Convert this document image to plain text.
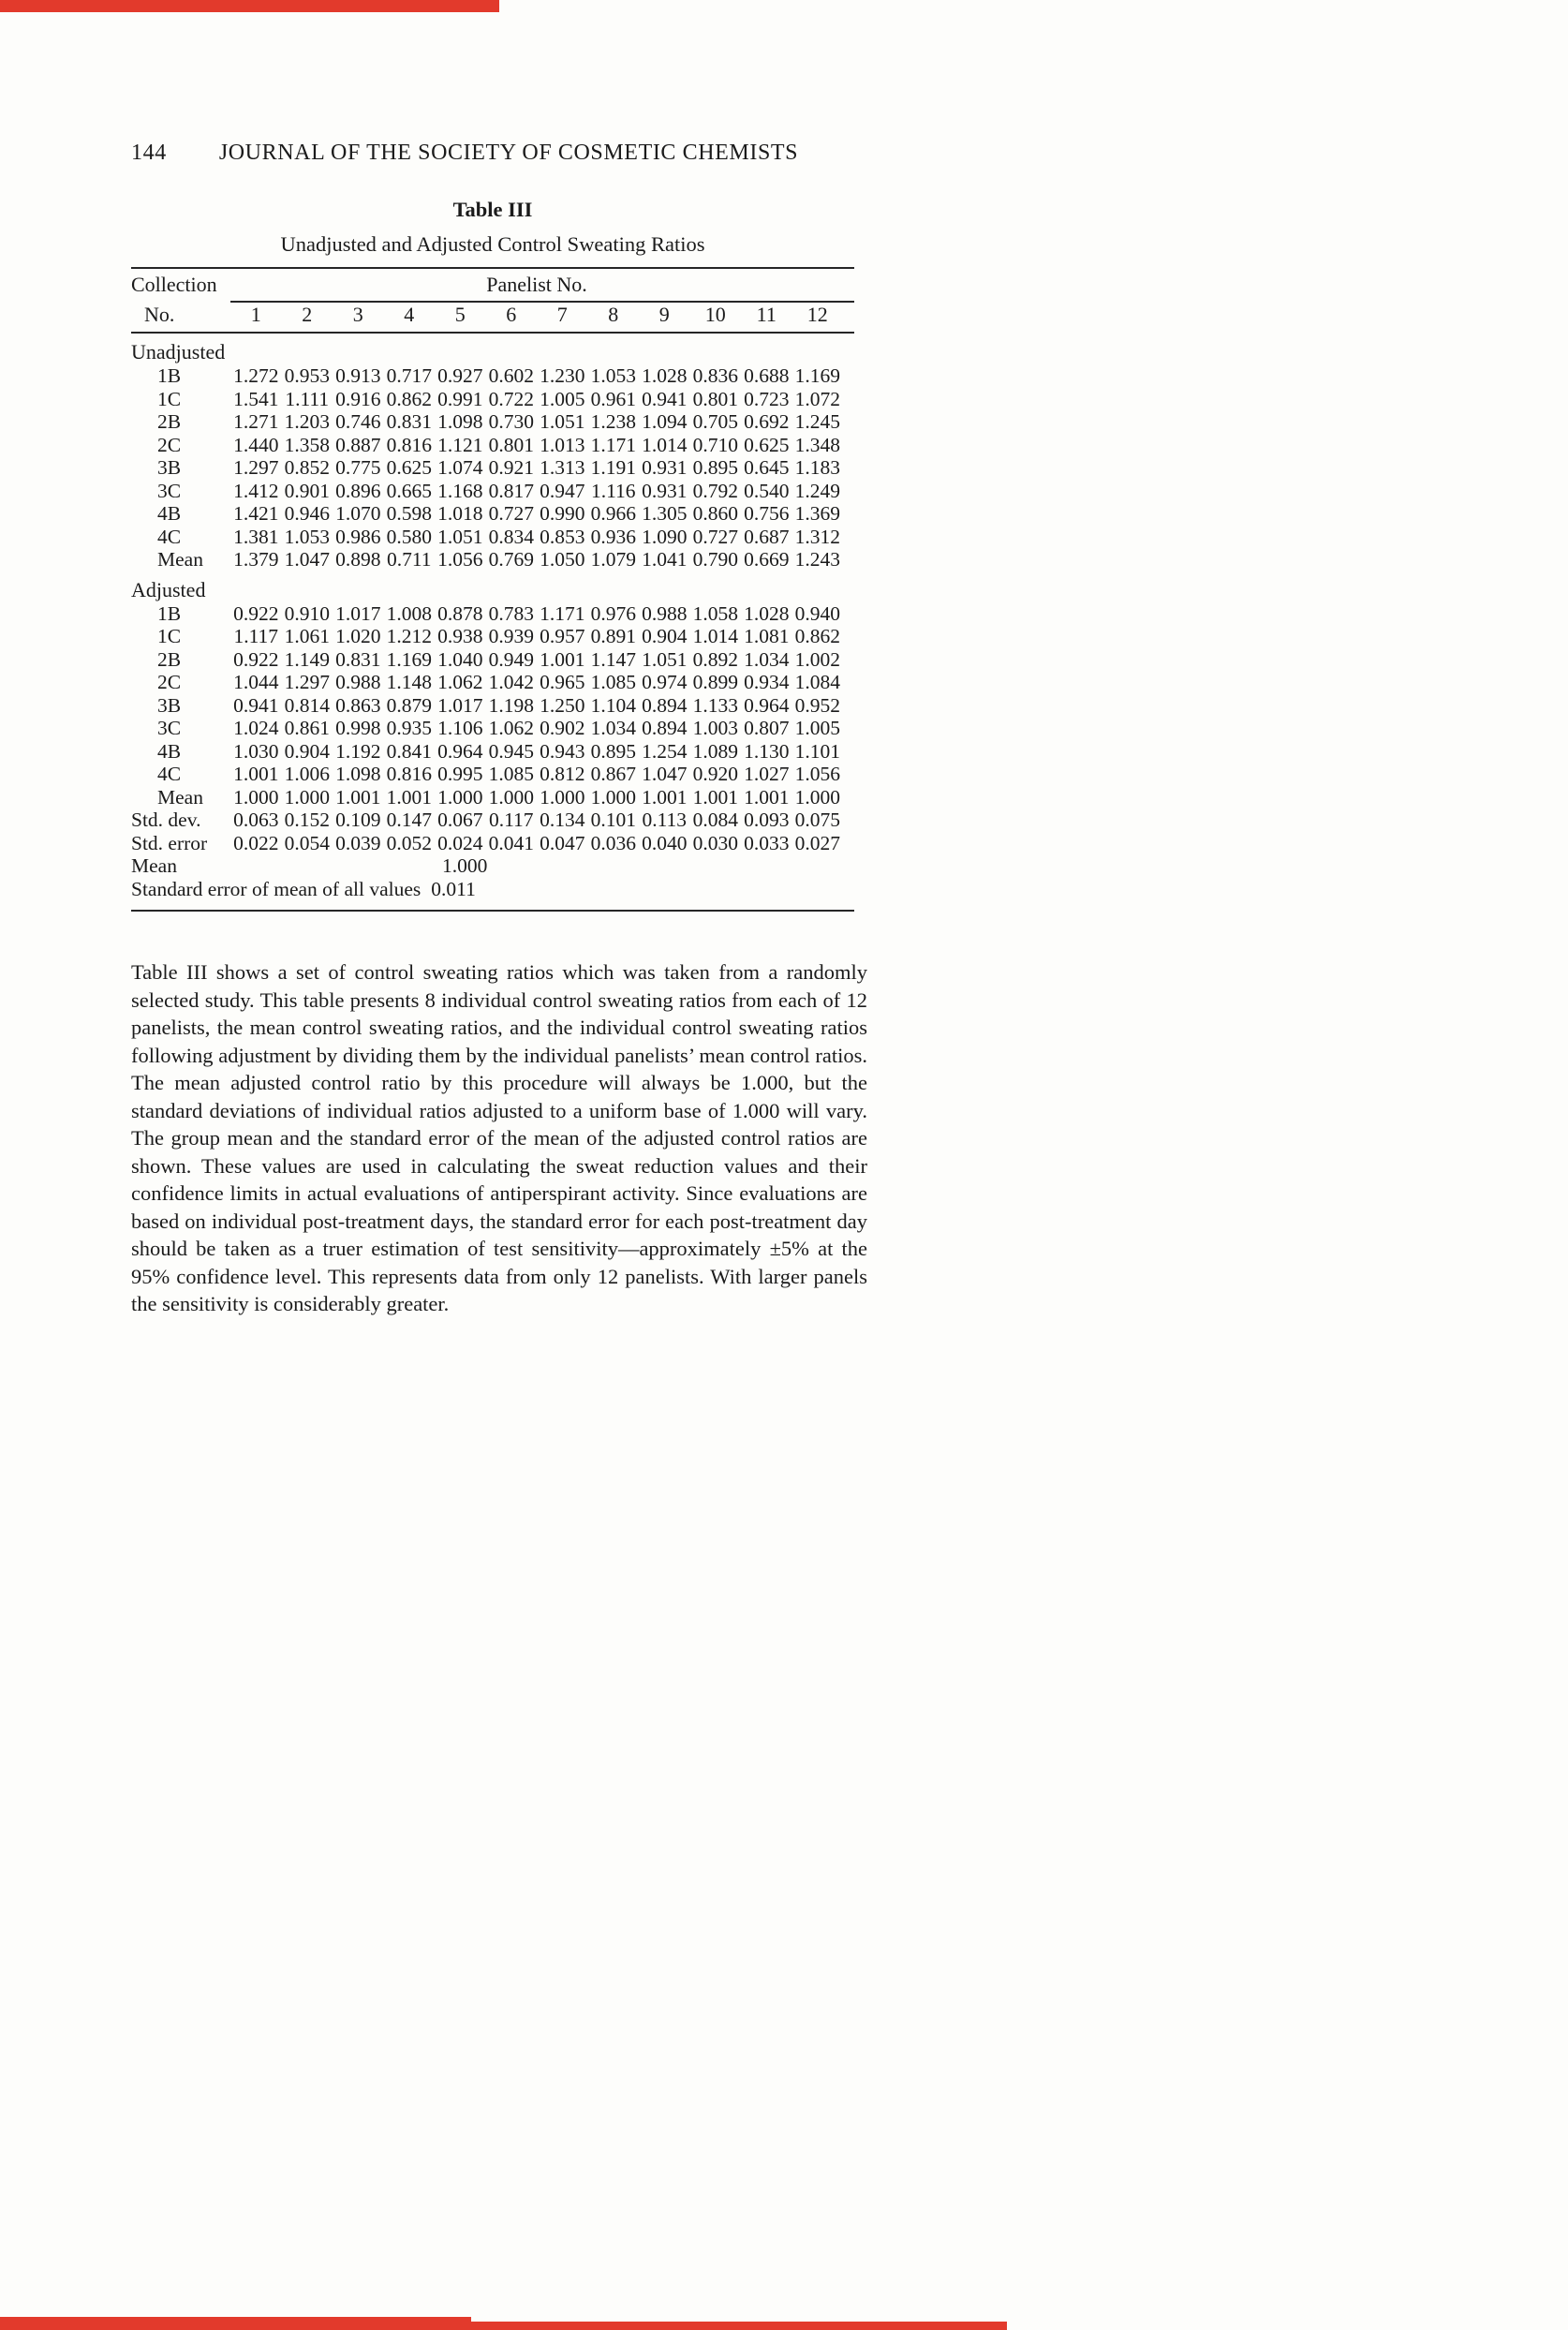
144 JOURNAL OF THE SOCIETY OF COSMETIC CHEMISTS
Table III
Unadjusted and Adjusted Control Sweating Ratios
Collection	Panelist No.
No.	1	2	3	4	5	6	7	8	9	10	11	12
Unadjusted
1B	1.272 0.953 0.913 0.717 0.927 0.602 1.230 1.053 1.028 0.836 0.688 1.169
1C	1.541 1.111 0.916 0.862 0.991 0.722 1.005 0.961 0.941 0.801 0.723 1.072
2B	1.271 1.203 0.746 0.831 1.098 0.730 1.051 1.238 1.094 0.705 0.692 1.245
2C	1.440 1.358 0.887 0.816 1.121 0.801 1.013 1.171 1.014 0.710 0.625 1.348
3B	1.297 0.852 0.775 0.625 1.074 0.921 1.313 1.191 0.931 0.895 0.645 1.183
3C	1.412 0.901 0.896 0.665 1.168 0.817 0.947 1.116 0.931 0.792 0.540 1.249
4B	1.421 0.946 1.070 0.598 1.018 0.727 0.990 0.966 1.305 0.860 0.756 1.369
4C	1.381 1.053 0.986 0.580 1.051 0.834 0.853 0.936 1.090 0.727 0.687 1.312
Mean	1.379 1.047 0.898 0.711 1.056 0.769 1.050 1.079 1.041 0.790 0.669 1.243
Adjusted
1B	0.922 0.910 1.017 1.008 0.878 0.783 1.171 0.976 0.988 1.058 1.028 0.940
1C	1.117 1.061 1.020 1.212 0.938 0.939 0.957 0.891 0.904 1.014 1.081 0.862
2B	0.922 1.149 0.831 1.169 1.040 0.949 1.001 1.147 1.051 0.892 1.034 1.002
2C	1.044 1.297 0.988 1.148 1.062 1.042 0.965 1.085 0.974 0.899 0.934 1.084
3B	0.941 0.814 0.863 0.879 1.017 1.198 1.250 1.104 0.894 1.133 0.964 0.952
3C	1.024 0.861 0.998 0.935 1.106 1.062 0.902 1.034 0.894 1.003 0.807 1.005
4B	1.030 0.904 1.192 0.841 0.964 0.945 0.943 0.895 1.254 1.089 1.130 1.101
4C	1.001 1.006 1.098 0.816 0.995 1.085 0.812 0.867 1.047 0.920 1.027 1.056
Mean	1.000 1.000 1.001 1.001 1.000 1.000 1.000 1.000 1.001 1.001 1.001 1.000
Std. dev.	0.063 0.152 0.109 0.147 0.067 0.117 0.134 0.101 0.113 0.084 0.093 0.075
Std. error	0.022 0.054 0.039 0.052 0.024 0.041 0.047 0.036 0.040 0.030 0.033 0.027
Mean	1.000
Standard error of mean of all values 0.011

Table III shows a set of control sweating ratios which was taken from a randomly selected study. This table presents 8 individual control sweating ratios from each of 12 panelists, the mean control sweating ratios, and the individual control sweating ratios following adjustment by dividing them by the individual panelists’ mean control ratios. The mean adjusted control ratio by this procedure will always be 1.000, but the standard deviations of individual ratios adjusted to a uniform base of 1.000 will vary. The group mean and the standard error of the mean of the adjusted control ratios are shown. These values are used in calculating the sweat reduction values and their confidence limits in actual evaluations of antiperspirant activity. Since evaluations are based on individual post-treatment days, the standard error for each post-treatment day should be taken as a truer estimation of test sensitivity—approximately ±5% at the 95% confidence level. This represents data from only 12 panelists. With larger panels the sensitivity is considerably greater.
